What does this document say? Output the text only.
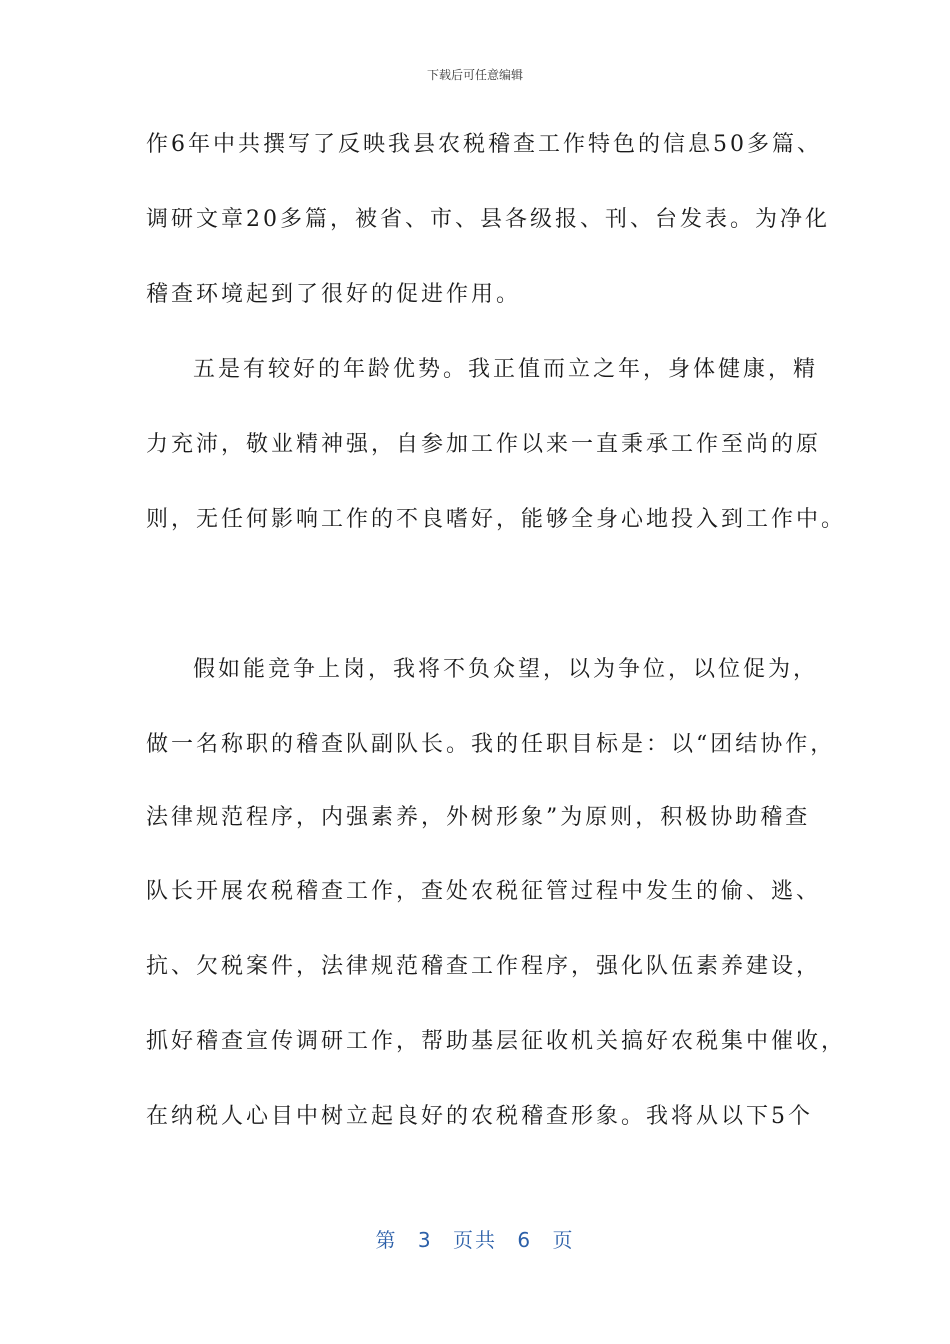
下载后可任意编辑
作6年中共撰写了反映我县农税稽查工作特色的信息50多篇、
调研文章20多篇，被省、市、县各级报、刊、台发表。为净化
稽查环境起到了很好的促进作用。
五是有较好的年龄优势。我正值而立之年，身体健康，精
力充沛，敬业精神强，自参加工作以来一直秉承工作至尚的原
则，无任何影响工作的不良嗜好，能够全身心地投入到工作中。
假如能竞争上岗，我将不负众望，以为争位，以位促为，
做一名称职的稽查队副队长。我的任职目标是：以“团结协作，
法律规范程序，内强素养，外树形象”为原则，积极协助稽查
队长开展农税稽查工作，查处农税征管过程中发生的偷、逃、
抗、欠税案件，法律规范稽查工作程序，强化队伍素养建设，
抓好稽查宣传调研工作，帮助基层征收机关搞好农税集中催收，
在纳税人心目中树立起良好的农税稽查形象。我将从以下5个
第 3 页共 6 页
